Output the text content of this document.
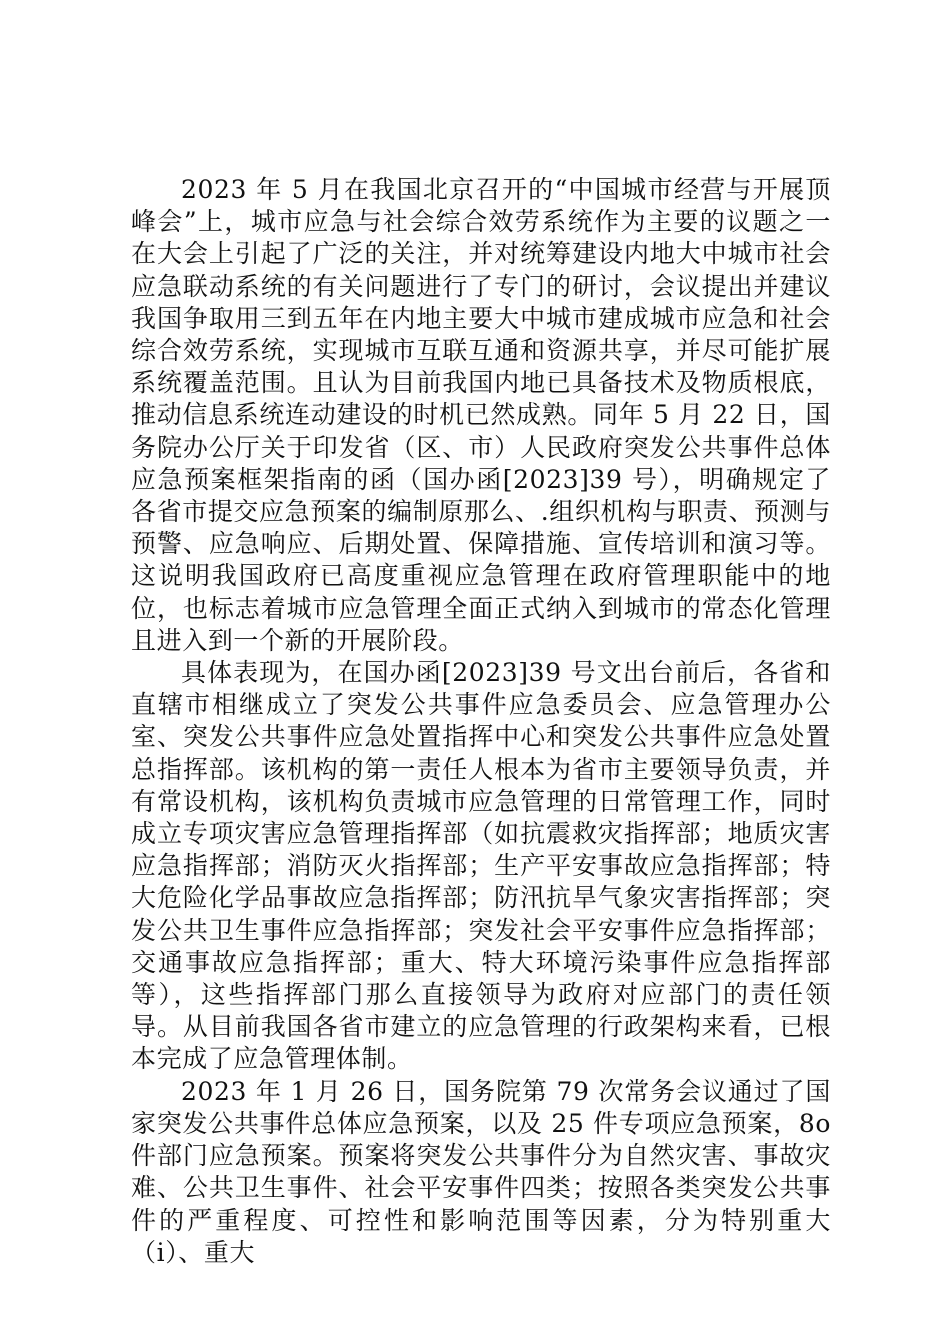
2023 年 5 月在我国北京召开的“中国城市经营与开展顶峰会”上，城市应急与社会综合效劳系统作为主要的议题之一在大会上引起了广泛的关注，并对统筹建设内地大中城市社会应急联动系统的有关问题进行了专门的研讨，会议提出并建议我国争取用三到五年在内地主要大中城市建成城市应急和社会综合效劳系统，实现城市互联互通和资源共享，并尽可能扩展系统覆盖范围。且认为目前我国内地已具备技术及物质根底，推动信息系统连动建设的时机已然成熟。同年 5 月 22 日，国务院办公厅关于印发省（区、市）人民政府突发公共事件总体应急预案框架指南的函（国办函[2023]39 号），明确规定了各省市提交应急预案的编制原那么、.组织机构与职责、预测与预警、应急响应、后期处置、保障措施、宣传培训和演习等。这说明我国政府已高度重视应急管理在政府管理职能中的地位，也标志着城市应急管理全面正式纳入到城市的常态化管理且进入到一个新的开展阶段。

具体表现为，在国办函[2023]39 号文出台前后，各省和直辖市相继成立了突发公共事件应急委员会、应急管理办公室、突发公共事件应急处置指挥中心和突发公共事件应急处置总指挥部。该机构的第一责任人根本为省市主要领导负责，并有常设机构，该机构负责城市应急管理的日常管理工作，同时成立专项灾害应急管理指挥部（如抗震救灾指挥部；地质灾害应急指挥部；消防灭火指挥部；生产平安事故应急指挥部；特大危险化学品事故应急指挥部；防汛抗旱气象灾害指挥部；突发公共卫生事件应急指挥部；突发社会平安事件应急指挥部；交通事故应急指挥部；重大、特大环境污染事件应急指挥部等），这些指挥部门那么直接领导为政府对应部门的责任领导。从目前我国各省市建立的应急管理的行政架构来看，已根本完成了应急管理体制。

2023 年 1 月 26 日，国务院第 79 次常务会议通过了国家突发公共事件总体应急预案，以及 25 件专项应急预案，8o 件部门应急预案。预案将突发公共事件分为自然灾害、事故灾难、公共卫生事件、社会平安事件四类；按照各类突发公共事件的严重程度、可控性和影响范围等因素，分为特别重大（i）、重大
